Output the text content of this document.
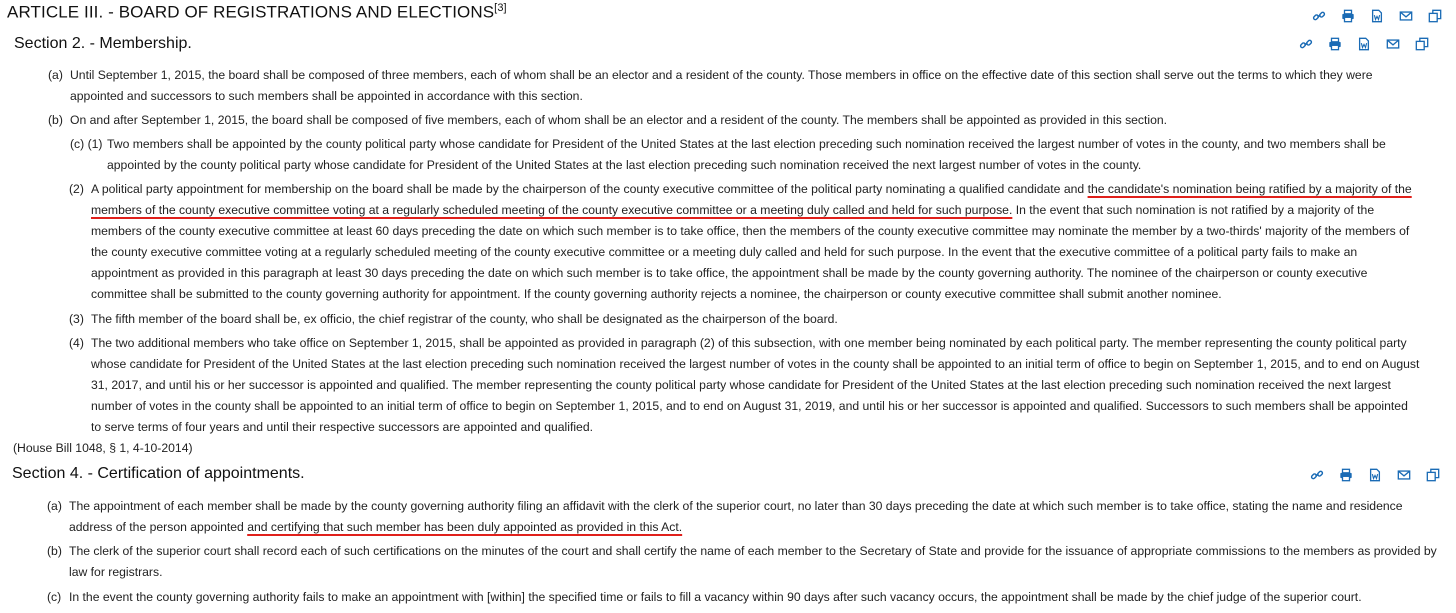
ARTICLE III. - BOARD OF REGISTRATIONS AND ELECTIONS[3]
Section 2. - Membership.
(a) Until September 1, 2015, the board shall be composed of three members, each of whom shall be an elector and a resident of the county. Those members in office on the effective date of this section shall serve out the terms to which they were appointed and successors to such members shall be appointed in accordance with this section.
(b) On and after September 1, 2015, the board shall be composed of five members, each of whom shall be an elector and a resident of the county. The members shall be appointed as provided in this section.
(c) (1) Two members shall be appointed by the county political party whose candidate for President of the United States at the last election preceding such nomination received the largest number of votes in the county, and two members shall be appointed by the county political party whose candidate for President of the United States at the last election preceding such nomination received the next largest number of votes in the county.
(2) A political party appointment for membership on the board shall be made by the chairperson of the county executive committee of the political party nominating a qualified candidate and the candidate's nomination being ratified by a majority of the members of the county executive committee voting at a regularly scheduled meeting of the county executive committee or a meeting duly called and held for such purpose. In the event that such nomination is not ratified by a majority of the members of the county executive committee at least 60 days preceding the date on which such member is to take office, then the members of the county executive committee may nominate the member by a two-thirds' majority of the members of the county executive committee voting at a regularly scheduled meeting of the county executive committee or a meeting duly called and held for such purpose. In the event that the executive committee of a political party fails to make an appointment as provided in this paragraph at least 30 days preceding the date on which such member is to take office, the appointment shall be made by the county governing authority. The nominee of the chairperson or county executive committee shall be submitted to the county governing authority for appointment. If the county governing authority rejects a nominee, the chairperson or county executive committee shall submit another nominee.
(3) The fifth member of the board shall be, ex officio, the chief registrar of the county, who shall be designated as the chairperson of the board.
(4) The two additional members who take office on September 1, 2015, shall be appointed as provided in paragraph (2) of this subsection, with one member being nominated by each political party. The member representing the county political party whose candidate for President of the United States at the last election preceding such nomination received the largest number of votes in the county shall be appointed to an initial term of office to begin on September 1, 2015, and to end on August 31, 2017, and until his or her successor is appointed and qualified. The member representing the county political party whose candidate for President of the United States at the last election preceding such nomination received the next largest number of votes in the county shall be appointed to an initial term of office to begin on September 1, 2015, and to end on August 31, 2019, and until his or her successor is appointed and qualified. Successors to such members shall be appointed to serve terms of four years and until their respective successors are appointed and qualified.
(House Bill 1048, § 1, 4-10-2014)
Section 4. - Certification of appointments.
(a) The appointment of each member shall be made by the county governing authority filing an affidavit with the clerk of the superior court, no later than 30 days preceding the date at which such member is to take office, stating the name and residence address of the person appointed and certifying that such member has been duly appointed as provided in this Act.
(b) The clerk of the superior court shall record each of such certifications on the minutes of the court and shall certify the name of each member to the Secretary of State and provide for the issuance of appropriate commissions to the members as provided by law for registrars.
(c) In the event the county governing authority fails to make an appointment with [within] the specified time or fails to fill a vacancy within 90 days after such vacancy occurs, the appointment shall be made by the chief judge of the superior court.
